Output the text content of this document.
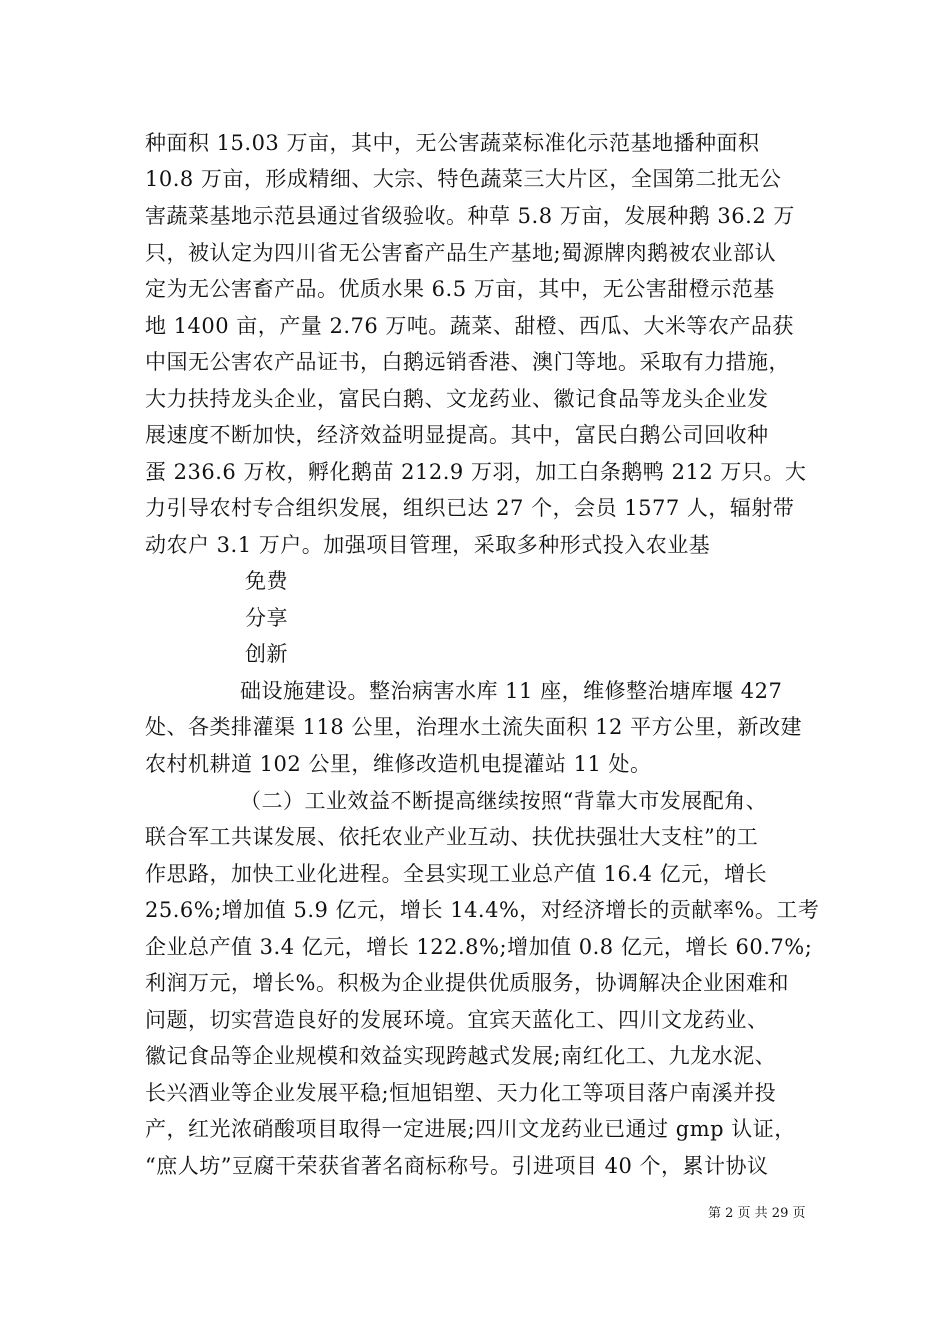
种面积 15.03 万亩，其中，无公害蔬菜标准化示范基地播种面积
10.8 万亩，形成精细、大宗、特色蔬菜三大片区，全国第二批无公
害蔬菜基地示范县通过省级验收。种草 5.8 万亩，发展种鹅 36.2 万
只，被认定为四川省无公害畜产品生产基地;蜀源牌肉鹅被农业部认
定为无公害畜产品。优质水果 6.5 万亩，其中，无公害甜橙示范基
地 1400 亩，产量 2.76 万吨。蔬菜、甜橙、西瓜、大米等农产品获
中国无公害农产品证书，白鹅远销香港、澳门等地。采取有力措施，
大力扶持龙头企业，富民白鹅、文龙药业、徽记食品等龙头企业发
展速度不断加快，经济效益明显提高。其中，富民白鹅公司回收种
蛋 236.6 万枚，孵化鹅苗 212.9 万羽，加工白条鹅鸭 212 万只。大
力引导农村专合组织发展，组织已达 27 个，会员 1577 人，辐射带
动农户 3.1 万户。加强项目管理，采取多种形式投入农业基
免费
分享
创新
础设施建设。整治病害水库 11 座，维修整治塘库堰 427
处、各类排灌渠 118 公里，治理水土流失面积 12 平方公里，新改建
农村机耕道 102 公里，维修改造机电提灌站 11 处。
（二）工业效益不断提高继续按照“背靠大市发展配角、
联合军工共谋发展、依托农业产业互动、扶优扶强壮大支柱”的工
作思路，加快工业化进程。全县实现工业总产值 16.4 亿元，增长
25.6%;增加值 5.9 亿元，增长 14.4%，对经济增长的贡献率%。工考
企业总产值 3.4 亿元，增长 122.8%;增加值 0.8 亿元，增长 60.7%;
利润万元，增长%。积极为企业提供优质服务，协调解决企业困难和
问题，切实营造良好的发展环境。宜宾天蓝化工、四川文龙药业、
徽记食品等企业规模和效益实现跨越式发展;南红化工、九龙水泥、
长兴酒业等企业发展平稳;恒旭铝塑、天力化工等项目落户南溪并投
产，红光浓硝酸项目取得一定进展;四川文龙药业已通过 gmp 认证，
“庶人坊”豆腐干荣获省著名商标称号。引进项目 40 个，累计协议
第 2 页 共 29 页
